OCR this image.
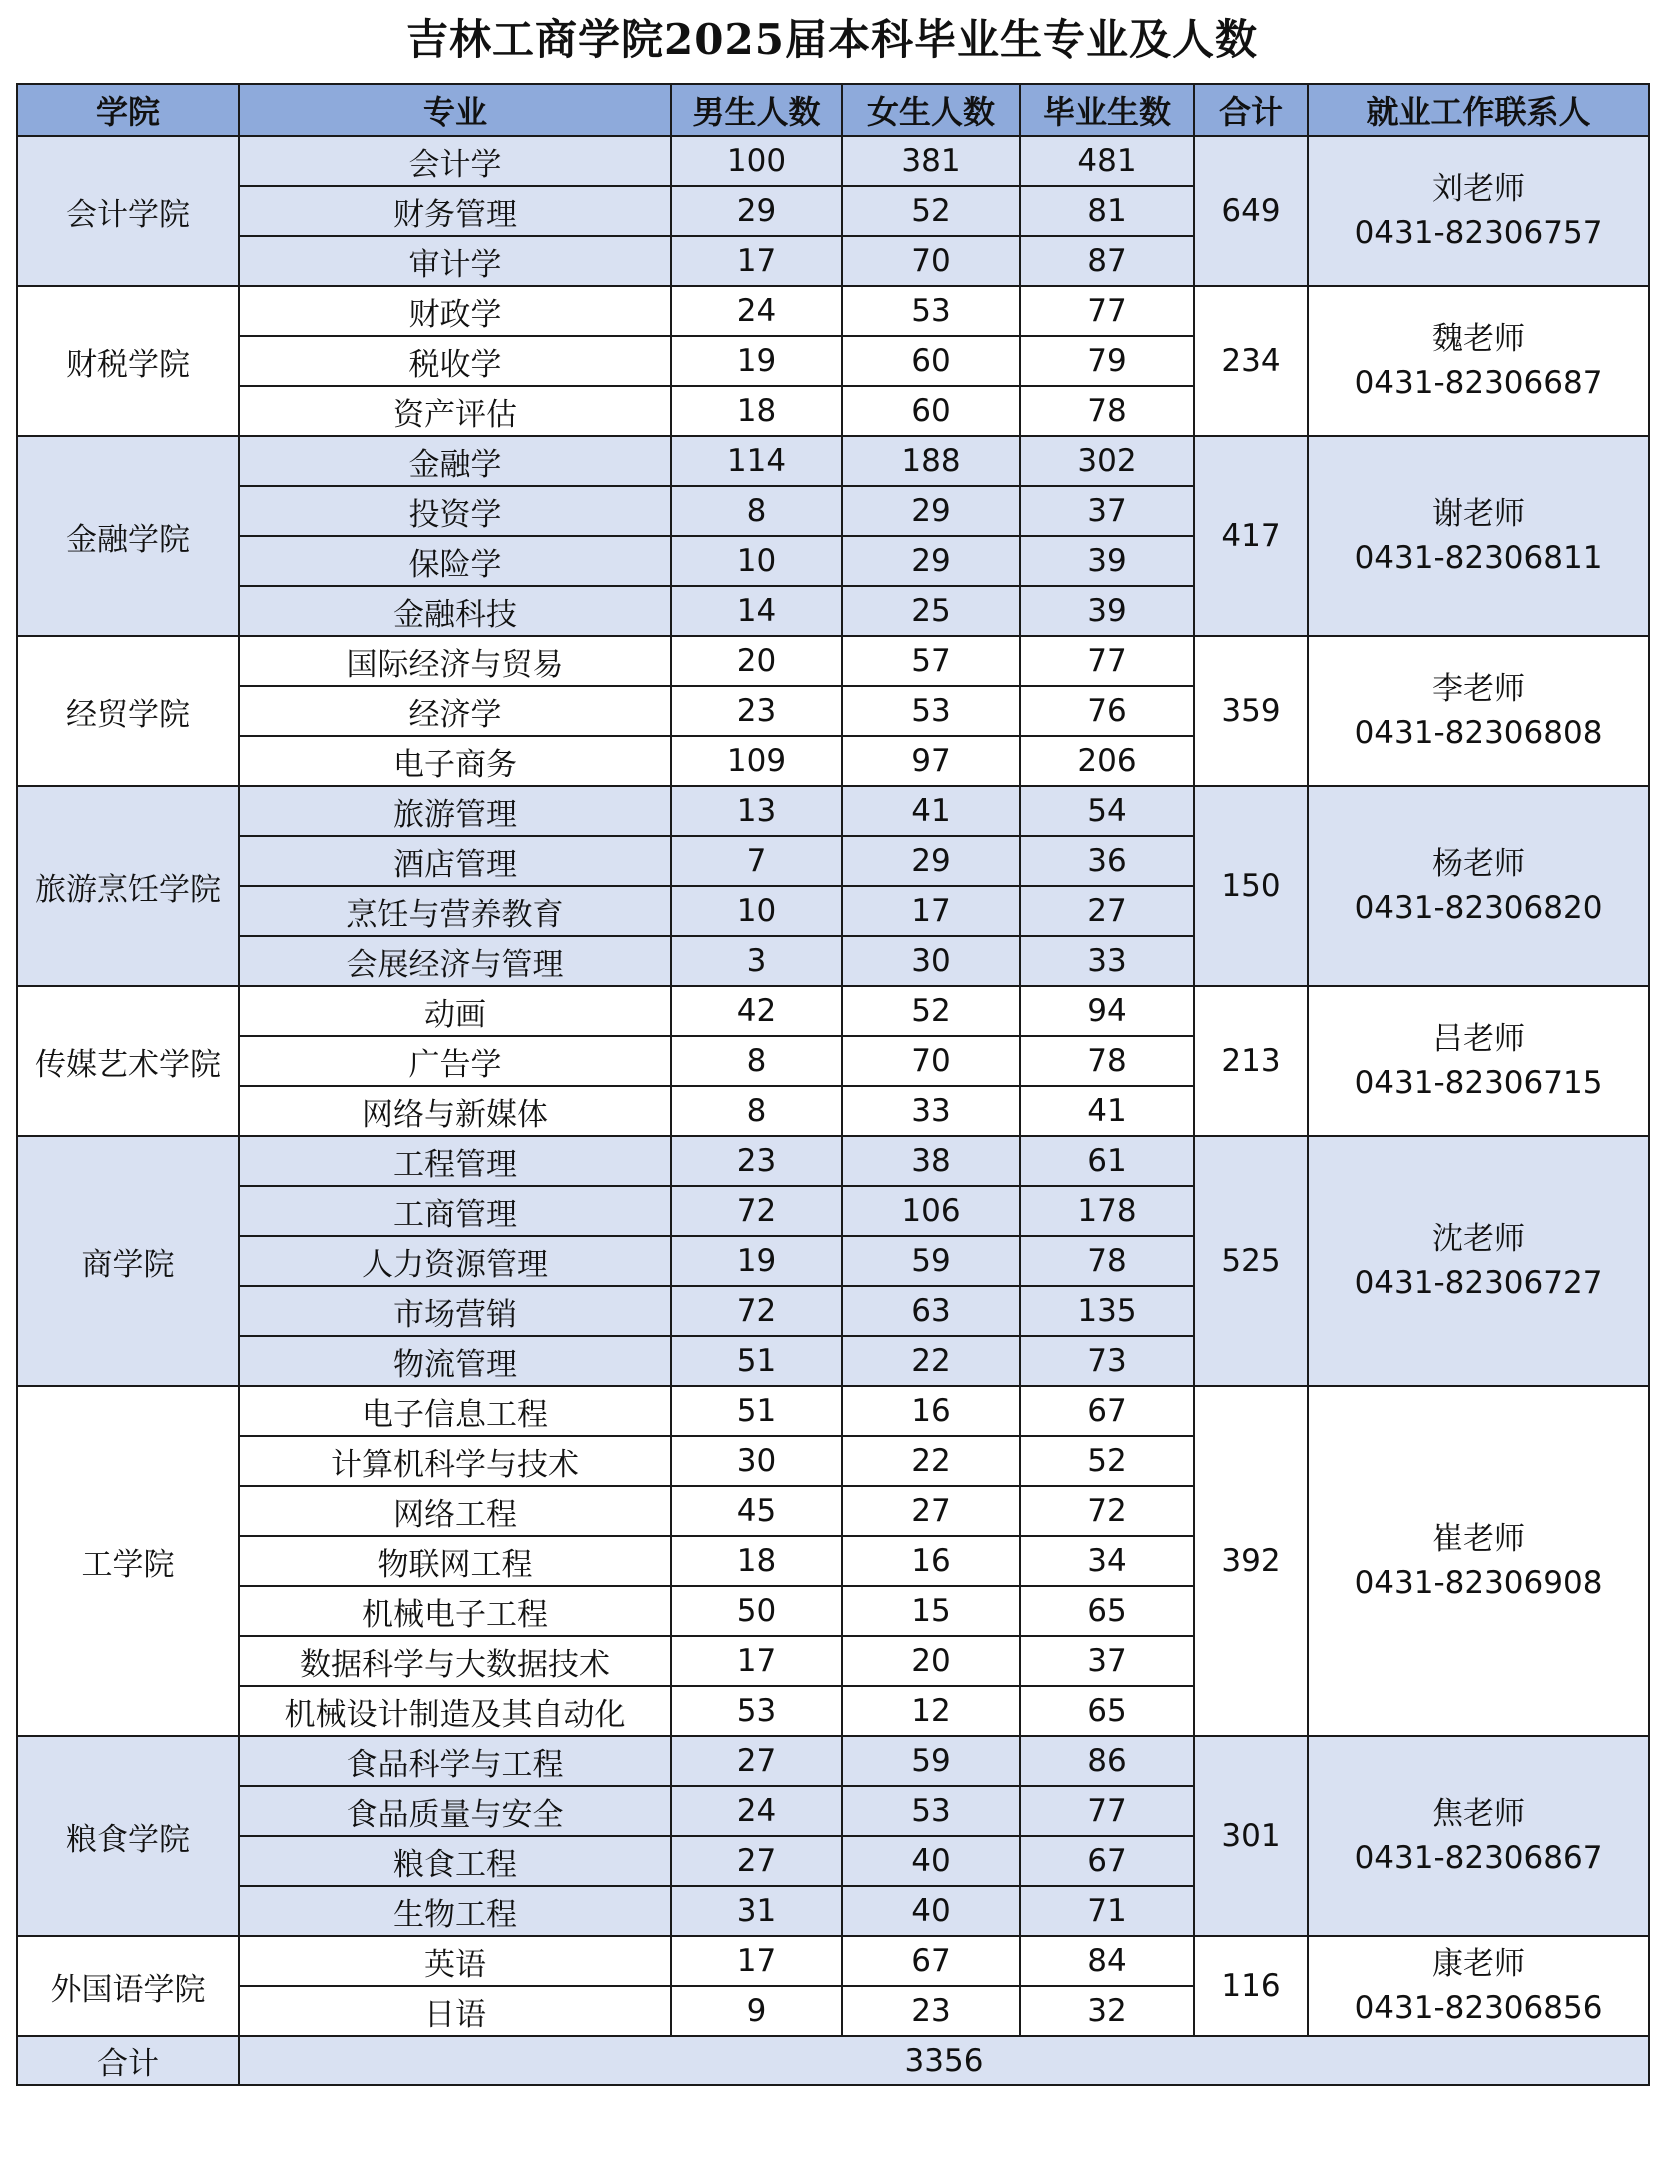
吉林工商学院2025届本科毕业生专业及人数
学院	专业	男生人数	女生人数	毕业生数	合计	就业工作联系人
会计学院	会计学	100	381	481	649	刘老师
0431-82306757

	财务管理	29	52	81		
	审计学	17	70	87		
财税学院	财政学	24	53	77	234	魏老师
0431-82306687

	税收学	19	60	79		
	资产评估	18	60	78		
金融学院	金融学	114	188	302	417	谢老师
0431-82306811

	投资学	8	29	37		
	保险学	10	29	39		
	金融科技	14	25	39		
经贸学院	国际经济与贸易	20	57	77	359	李老师
0431-82306808

	经济学	23	53	76		
	电子商务	109	97	206		
旅游烹饪学院	旅游管理	13	41	54	150	杨老师
0431-82306820

	酒店管理	7	29	36		
	烹饪与营养教育	10	17	27		
	会展经济与管理	3	30	33		
传媒艺术学院	动画	42	52	94	213	吕老师
0431-82306715

	广告学	8	70	78		
	网络与新媒体	8	33	41		
商学院	工程管理	23	38	61	525	沈老师
0431-82306727

	工商管理	72	106	178		
	人力资源管理	19	59	78		
	市场营销	72	63	135		
	物流管理	51	22	73		
工学院	电子信息工程	51	16	67	392	崔老师
0431-82306908

	计算机科学与技术	30	22	52		
	网络工程	45	27	72		
	物联网工程	18	16	34		
	机械电子工程	50	15	65		
	数据科学与大数据技术	17	20	37		
	机械设计制造及其自动化	53	12	65		
粮食学院	食品科学与工程	27	59	86	301	焦老师
0431-82306867

	食品质量与安全	24	53	77		
	粮食工程	27	40	67		
	生物工程	31	40	71		
外国语学院	英语	17	67	84	116	康老师
0431-82306856

	日语	9	23	32		
合计	3356					
